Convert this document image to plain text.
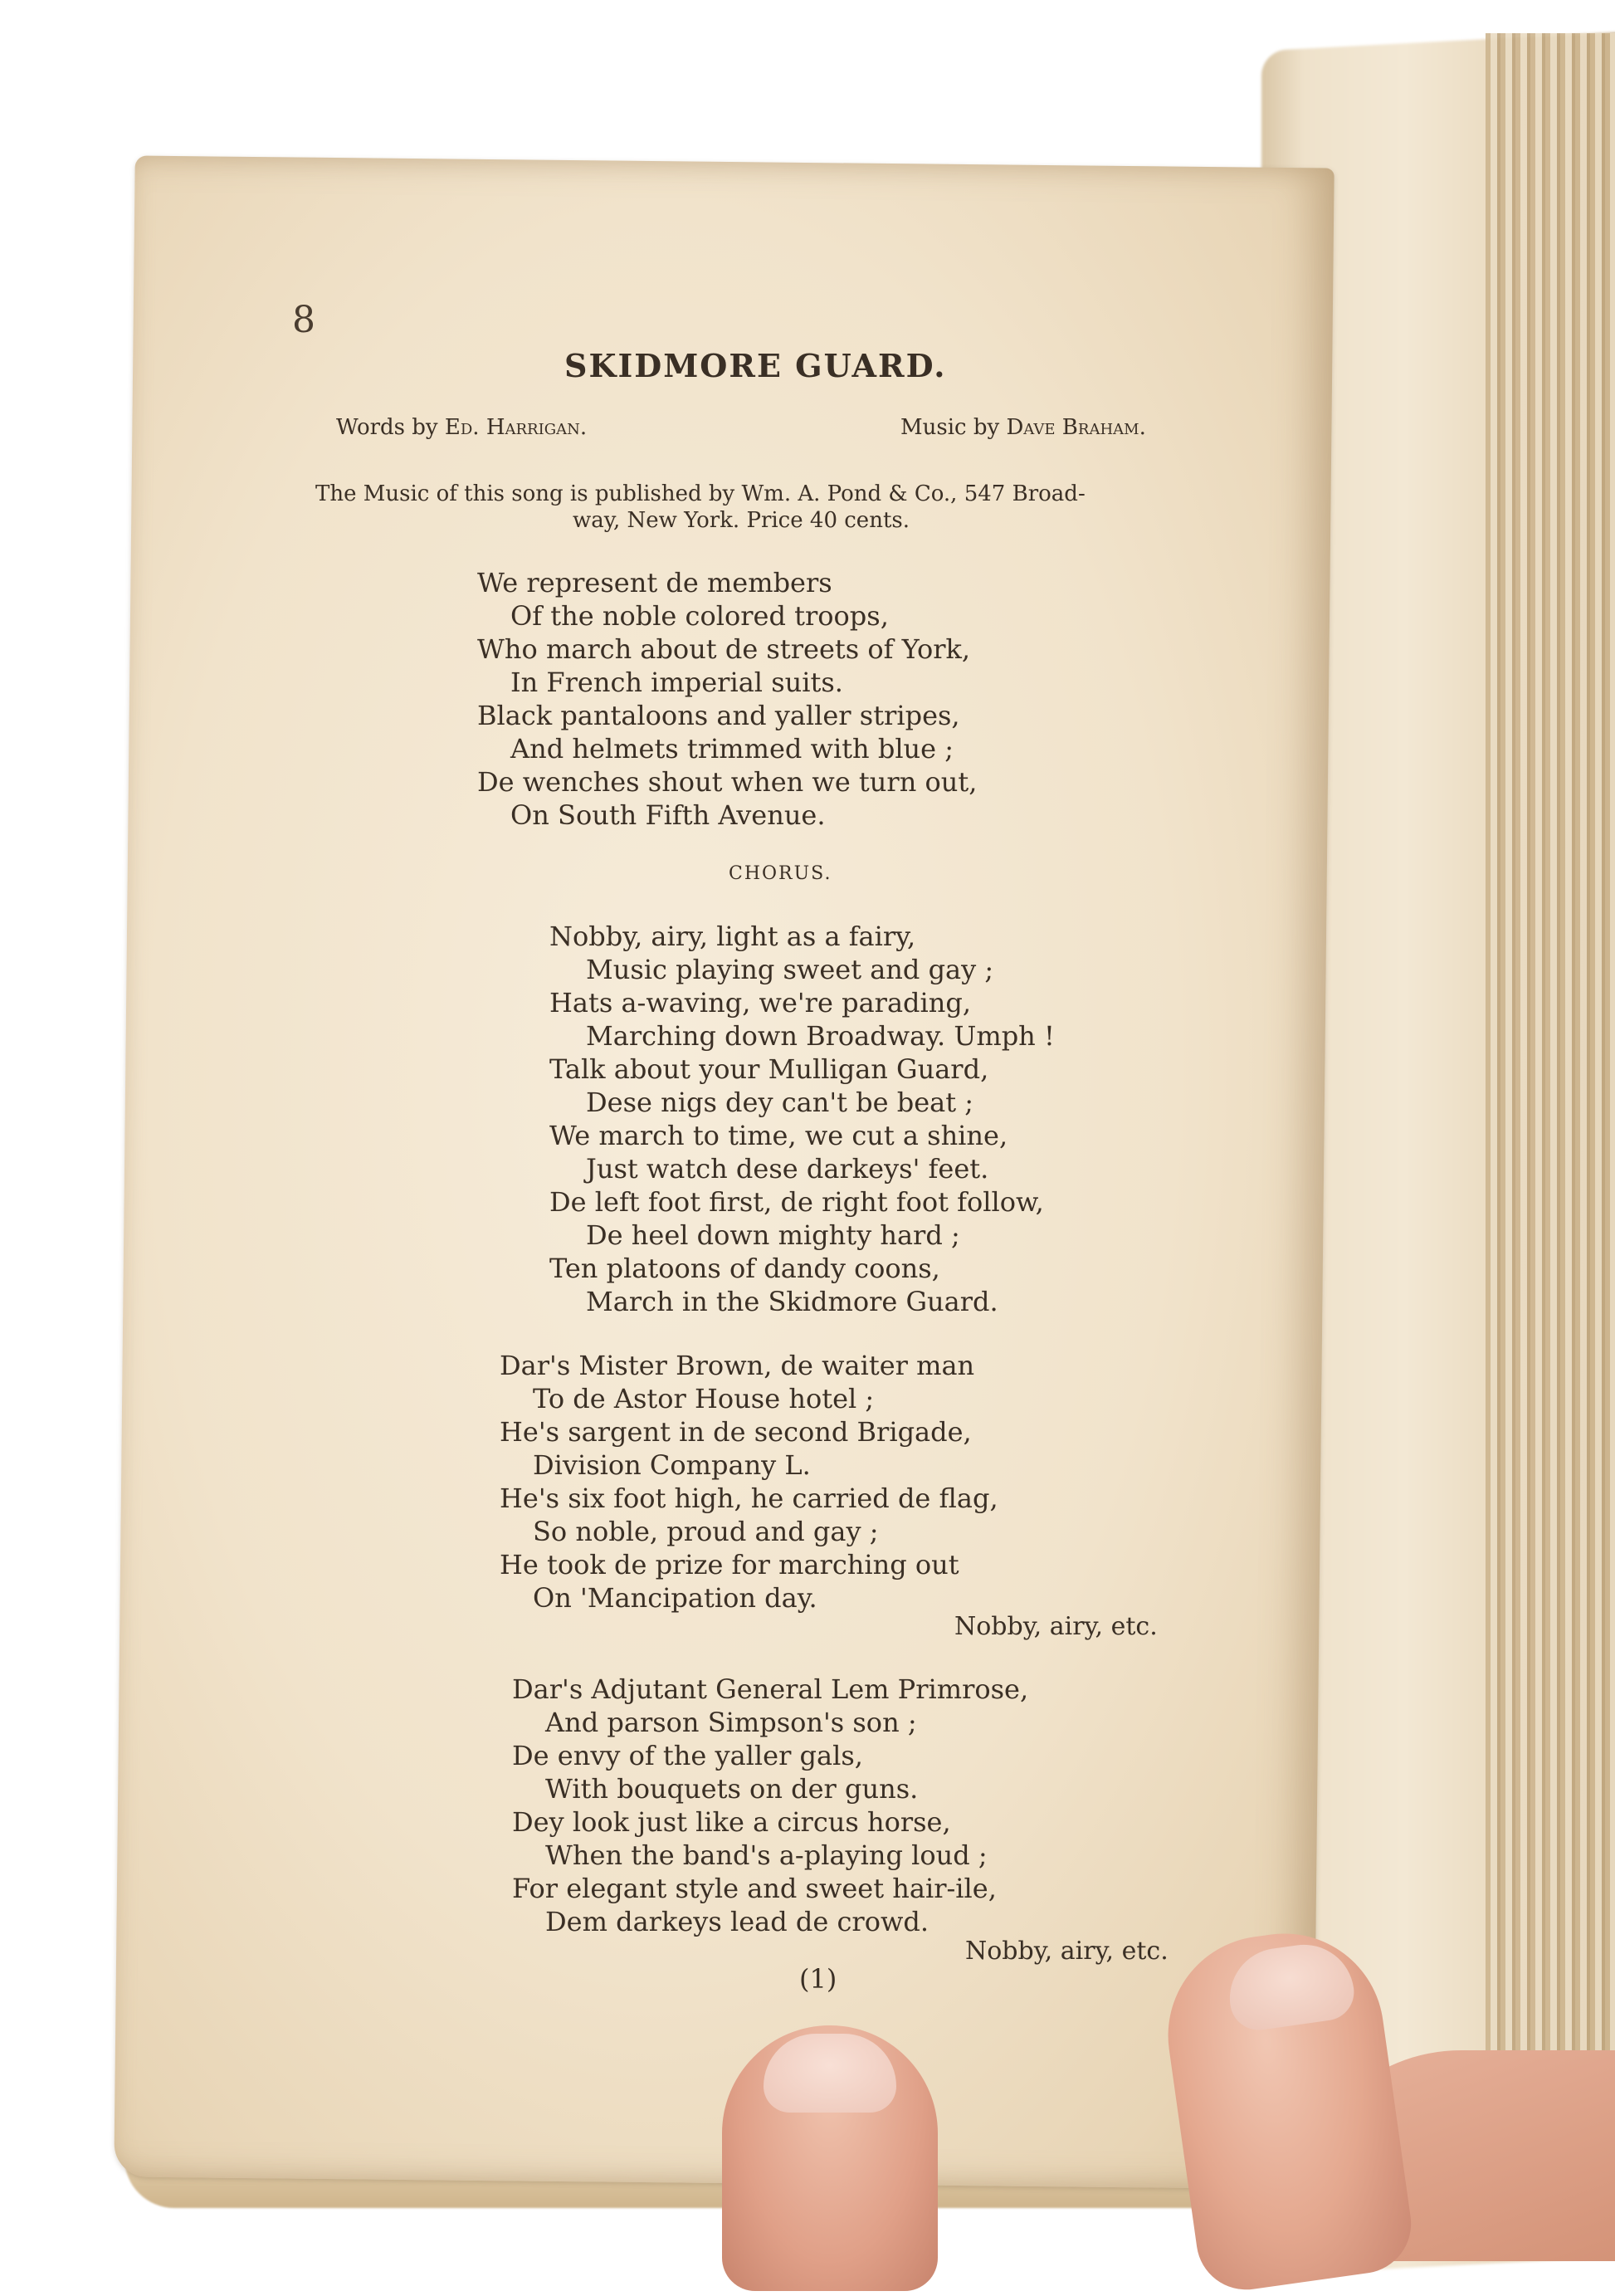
8
SKIDMORE GUARD.
Words by Ed. Harrigan.	Music by Dave Braham.
The Music of this song is published by Wm. A. Pond & Co., 547 Broad-
way, New York. Price 40 cents.
We represent de members
Of the noble colored troops,
Who march about de streets of York,
In French imperial suits.
Black pantaloons and yaller stripes,
And helmets trimmed with blue ;
De wenches shout when we turn out,
On South Fifth Avenue.
CHORUS.
Nobby, airy, light as a fairy,
Music playing sweet and gay ;
Hats a-waving, we're parading,
Marching down Broadway. Umph !
Talk about your Mulligan Guard,
Dese nigs dey can't be beat ;
We march to time, we cut a shine,
Just watch dese darkeys' feet.
De left foot first, de right foot follow,
De heel down mighty hard ;
Ten platoons of dandy coons,
March in the Skidmore Guard.
Dar's Mister Brown, de waiter man
To de Astor House hotel ;
He's sargent in de second Brigade,
Division Company L.
He's six foot high, he carried de flag,
So noble, proud and gay ;
He took de prize for marching out
On 'Mancipation day.
Nobby, airy, etc.
Dar's Adjutant General Lem Primrose,
And parson Simpson's son ;
De envy of the yaller gals,
With bouquets on der guns.
Dey look just like a circus horse,
When the band's a-playing loud ;
For elegant style and sweet hair-ile,
Dem darkeys lead de crowd.
Nobby, airy, etc.
(1)
